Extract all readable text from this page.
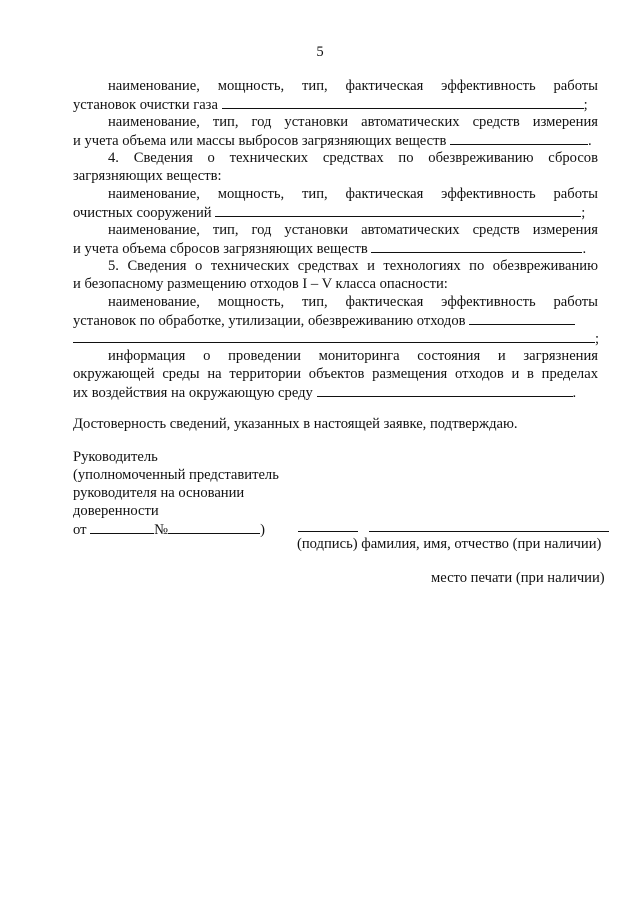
5
наименование, мощность, тип, фактическая эффективность работы
установок очистки газа	;
наименование, тип, год установки автоматических средств измерения
и учета объема или массы выбросов загрязняющих веществ	.
4. Сведения о технических средствах по обезвреживанию сбросов
загрязняющих веществ:
наименование, мощность, тип, фактическая эффективность работы
очистных сооружений	;
наименование, тип, год установки автоматических средств измерения
и учета объема сбросов загрязняющих веществ	.
5. Сведения о технических средствах и технологиях по обезвреживанию
и безопасному размещению отходов I – V класса опасности:
наименование, мощность, тип, фактическая эффективность работы
установок по обработке, утилизации, обезвреживанию отходов
;
информация о проведении мониторинга состояния и загрязнения
окружающей среды на территории объектов размещения отходов и в пределах
их воздействия на окружающую среду	.
Достоверность сведений, указанных в настоящей заявке, подтверждаю.
Руководитель
(уполномоченный представитель
руководителя на основании
доверенности
от	№	)
(подпись) фамилия, имя, отчество (при наличии)
место печати (при наличии)
